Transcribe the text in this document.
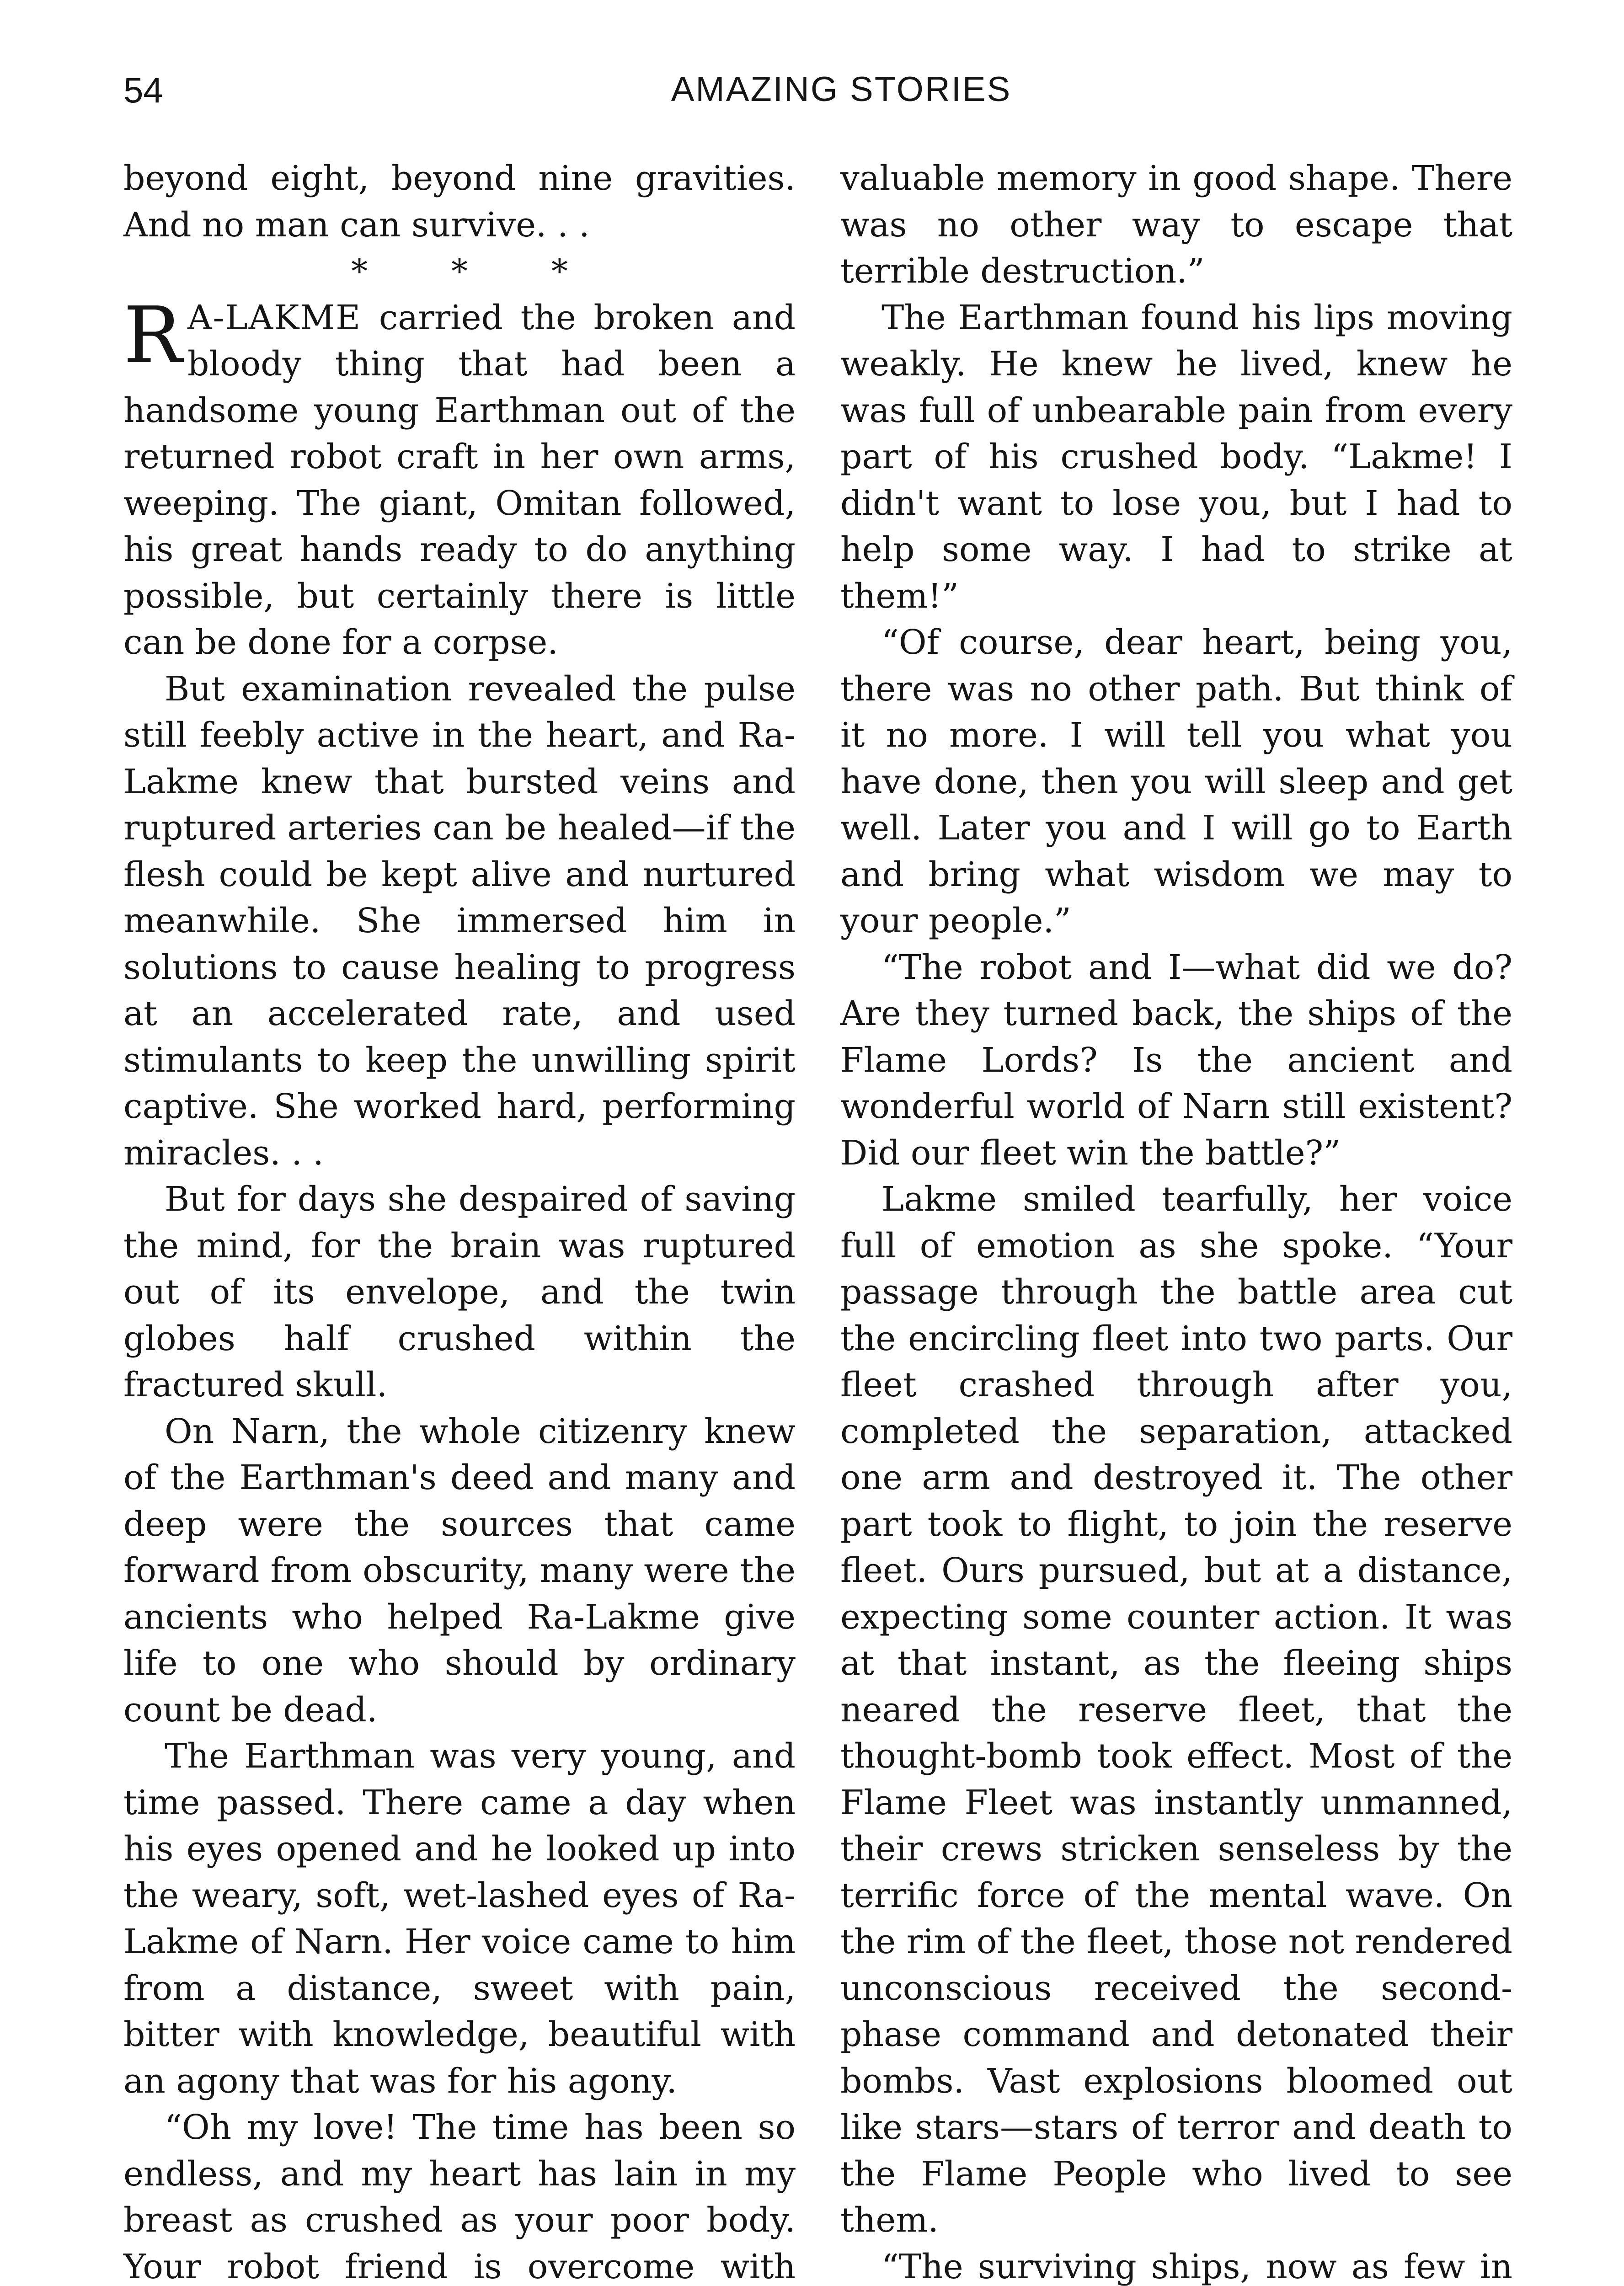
54	AMAZING STORIES

beyond eight, beyond nine gravities. And no man can survive. . .

* * *

R A-LAKME carried the broken and bloody thing that had been a handsome young Earthman out of the returned robot craft in her own arms, weeping. The giant, Omitan followed, his great hands ready to do anything possible, but certainly there is little can be done for a corpse.

But examination revealed the pulse still feebly active in the heart, and Ra-Lakme knew that bursted veins and ruptured arteries can be healed—if the flesh could be kept alive and nurtured meanwhile. She immersed him in solutions to cause healing to progress at an accelerated rate, and used stimulants to keep the unwilling spirit captive. She worked hard, performing miracles. . .

But for days she despaired of saving the mind, for the brain was ruptured out of its envelope, and the twin globes half crushed within the fractured skull.

On Narn, the whole citizenry knew of the Earthman's deed and many and deep were the sources that came forward from obscurity, many were the ancients who helped Ra-Lakme give life to one who should by ordinary count be dead.

The Earthman was very young, and time passed. There came a day when his eyes opened and he looked up into the weary, soft, wet-lashed eyes of Ra-Lakme of Narn. Her voice came to him from a distance, sweet with pain, bitter with knowledge, beautiful with an agony that was for his agony.

“Oh my love! The time has been so endless, and my heart has lain in my breast as crushed as your poor body. Your robot friend is overcome with

valuable memory in good shape. There was no other way to escape that terrible destruction.”

The Earthman found his lips moving weakly. He knew he lived, knew he was full of unbearable pain from every part of his crushed body. “Lakme! I didn't want to lose you, but I had to help some way. I had to strike at them!”

“Of course, dear heart, being you, there was no other path. But think of it no more. I will tell you what you have done, then you will sleep and get well. Later you and I will go to Earth and bring what wisdom we may to your people.”

“The robot and I—what did we do? Are they turned back, the ships of the Flame Lords? Is the ancient and wonderful world of Narn still existent? Did our fleet win the battle?”

Lakme smiled tearfully, her voice full of emotion as she spoke. “Your passage through the battle area cut the encircling fleet into two parts. Our fleet crashed through after you, completed the separation, attacked one arm and destroyed it. The other part took to flight, to join the reserve fleet. Ours pursued, but at a distance, expecting some counter action. It was at that instant, as the fleeing ships neared the reserve fleet, that the thought-bomb took effect. Most of the Flame Fleet was instantly unmanned, their crews stricken senseless by the terrific force of the mental wave. On the rim of the fleet, those not rendered unconscious received the second-phase command and detonated their bombs. Vast explosions bloomed out like stars—stars of terror and death to the Flame People who lived to see them.

“The surviving ships, now as few in
